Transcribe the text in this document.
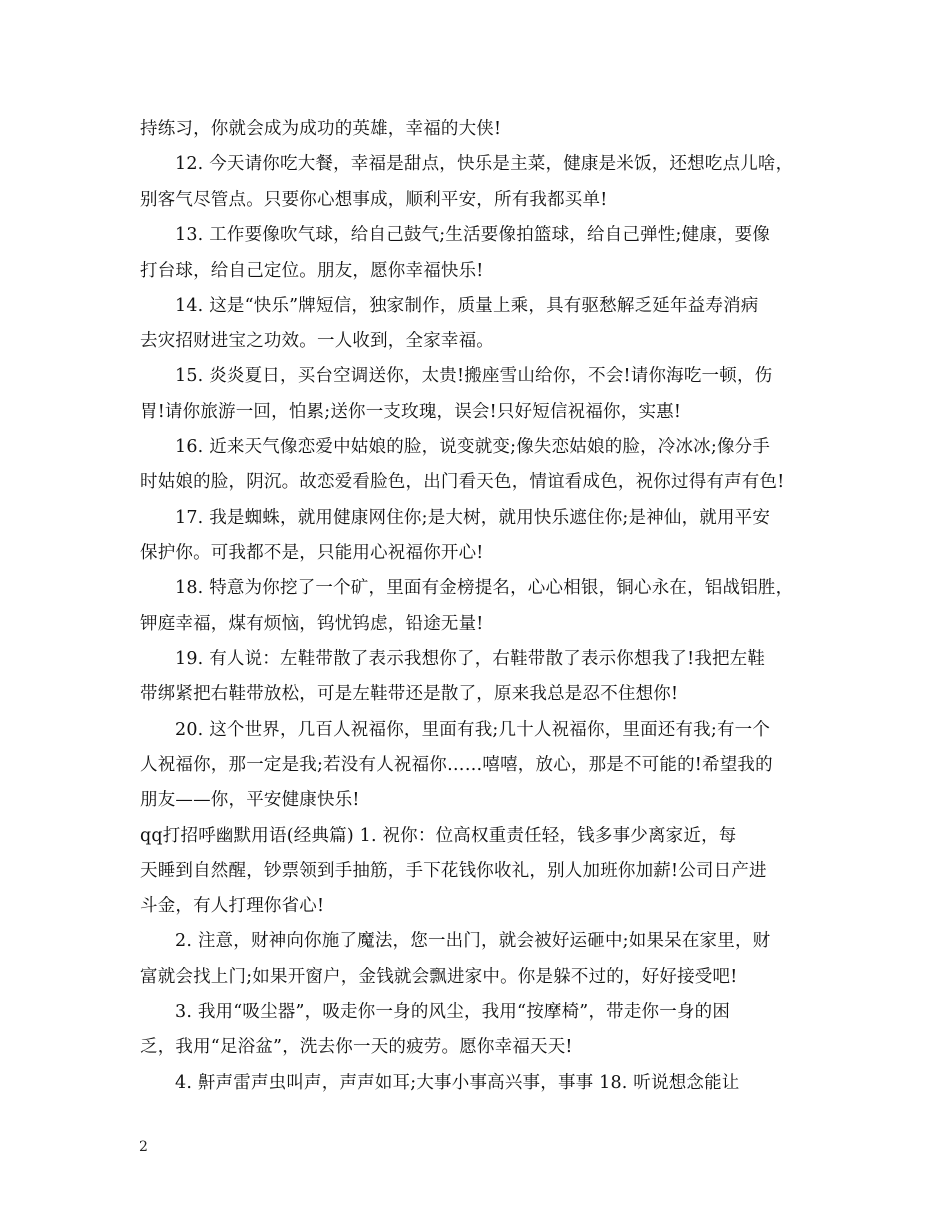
持练习，你就会成为成功的英雄，幸福的大侠!
12. 今天请你吃大餐，幸福是甜点，快乐是主菜，健康是米饭，还想吃点儿啥，
别客气尽管点。只要你心想事成，顺利平安，所有我都买单!
13. 工作要像吹气球，给自己鼓气;生活要像拍篮球，给自己弹性;健康，要像
打台球，给自己定位。朋友，愿你幸福快乐!
14. 这是“快乐”牌短信，独家制作，质量上乘，具有驱愁解乏延年益寿消病
去灾招财进宝之功效。一人收到，全家幸福。
15. 炎炎夏日，买台空调送你，太贵!搬座雪山给你，不会!请你海吃一顿，伤
胃!请你旅游一回，怕累;送你一支玫瑰，误会!只好短信祝福你，实惠!
16. 近来天气像恋爱中姑娘的脸，说变就变;像失恋姑娘的脸，冷冰冰;像分手
时姑娘的脸，阴沉。故恋爱看脸色，出门看天色，情谊看成色，祝你过得有声有色!
17. 我是蜘蛛，就用健康网住你;是大树，就用快乐遮住你;是神仙，就用平安
保护你。可我都不是，只能用心祝福你开心!
18. 特意为你挖了一个矿，里面有金榜提名，心心相银，铜心永在，铝战铝胜，
钾庭幸福，煤有烦恼，钨忧钨虑，铅途无量!
19. 有人说：左鞋带散了表示我想你了，右鞋带散了表示你想我了!我把左鞋
带绑紧把右鞋带放松，可是左鞋带还是散了，原来我总是忍不住想你!
20. 这个世界，几百人祝福你，里面有我;几十人祝福你，里面还有我;有一个
人祝福你，那一定是我;若没有人祝福你……嘻嘻，放心，那是不可能的!希望我的
朋友——你，平安健康快乐!
qq打招呼幽默用语(经典篇) 1. 祝你：位高权重责任轻，钱多事少离家近，每
天睡到自然醒，钞票领到手抽筋，手下花钱你收礼，别人加班你加薪!公司日产进
斗金，有人打理你省心!
2. 注意，财神向你施了魔法，您一出门，就会被好运砸中;如果呆在家里，财
富就会找上门;如果开窗户，金钱就会飘进家中。你是躲不过的，好好接受吧!
3. 我用“吸尘器”，吸走你一身的风尘，我用“按摩椅”，带走你一身的困
乏，我用“足浴盆”，洗去你一天的疲劳。愿你幸福天天!
4. 鼾声雷声虫叫声，声声如耳;大事小事高兴事，事事 18. 听说想念能让
2
